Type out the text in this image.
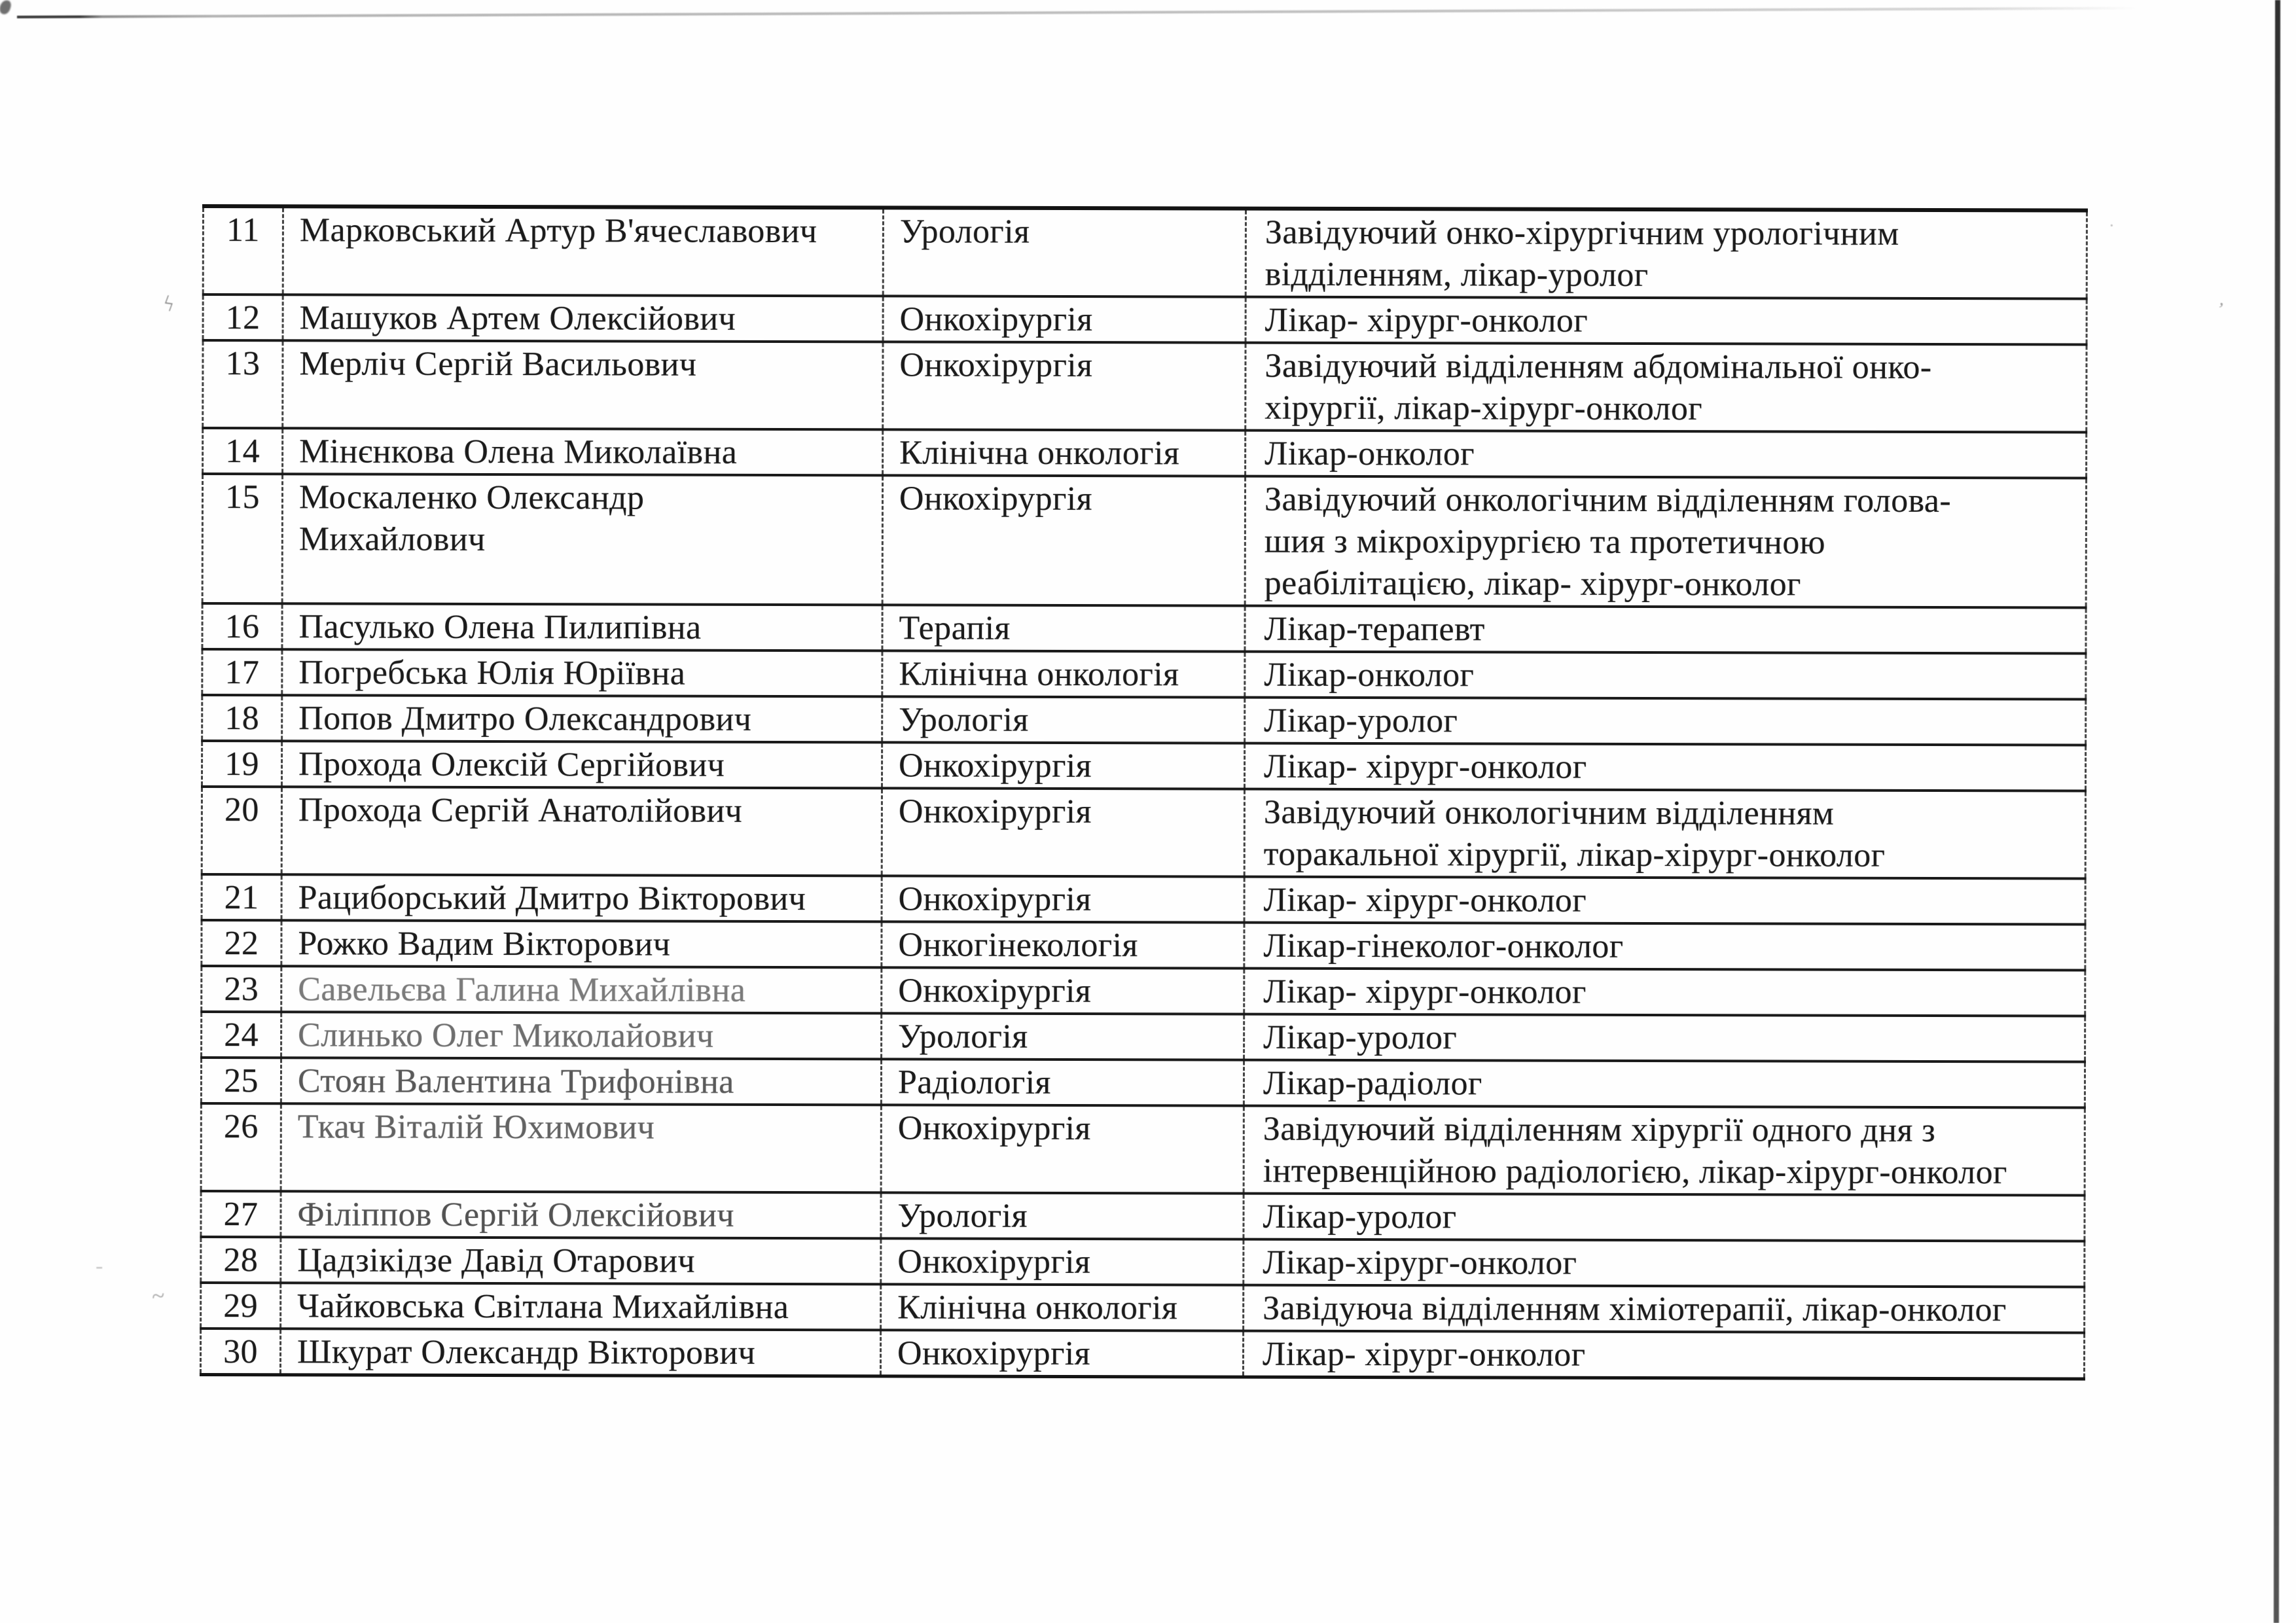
ϟ
-
~
·
,
11	Марковський Артур В'ячеславович	Урологія	Завідуючий онко-хірургічним урологічним
відділенням, лікар-уролог
12	Машуков Артем Олексійович	Онкохірургія	Лікар- хірург-онколог
13	Мерліч Сергій Васильович	Онкохірургія	Завідуючий відділенням абдомінальної онко-
хірургії, лікар-хірург-онколог
14	Мінєнкова Олена Миколаївна	Клінічна онкологія	Лікар-онколог
15	Москаленко Олександр
Михайлович	Онкохірургія	Завідуючий онкологічним відділенням голова-
шия з мікрохірургією та протетичною
реабілітацією, лікар- хірург-онколог
16	Пасулько Олена Пилипівна	Терапія	Лікар-терапевт
17	Погребська Юлія Юріївна	Клінічна онкологія	Лікар-онколог
18	Попов Дмитро Олександрович	Урологія	Лікар-уролог
19	Прохода Олексій Сергійович	Онкохірургія	Лікар- хірург-онколог
20	Прохода Сергій Анатолійович	Онкохірургія	Завідуючий онкологічним відділенням
торакальної хірургії, лікар-хірург-онколог
21	Рациборський Дмитро Вікторович	Онкохірургія	Лікар- хірург-онколог
22	Рожко Вадим Вікторович	Онкогінекологія	Лікар-гінеколог-онколог
23	Савельєва Галина Михайлівна	Онкохірургія	Лікар- хірург-онколог
24	Слинько Олег Миколайович	Урологія	Лікар-уролог
25	Стоян Валентина Трифонівна	Радіологія	Лікар-радіолог
26	Ткач Віталій Юхимович	Онкохірургія	Завідуючий відділенням хірургії одного дня з
інтервенційною радіологією, лікар-хірург-онколог
27	Філіппов Сергій Олексійович	Урологія	Лікар-уролог
28	Цадзікідзе Давід Отарович	Онкохірургія	Лікар-хірург-онколог
29	Чайковська Світлана Михайлівна	Клінічна онкологія	Завідуюча відділенням хіміотерапії, лікар-онколог
30	Шкурат Олександр Вікторович	Онкохірургія	Лікар- хірург-онколог
